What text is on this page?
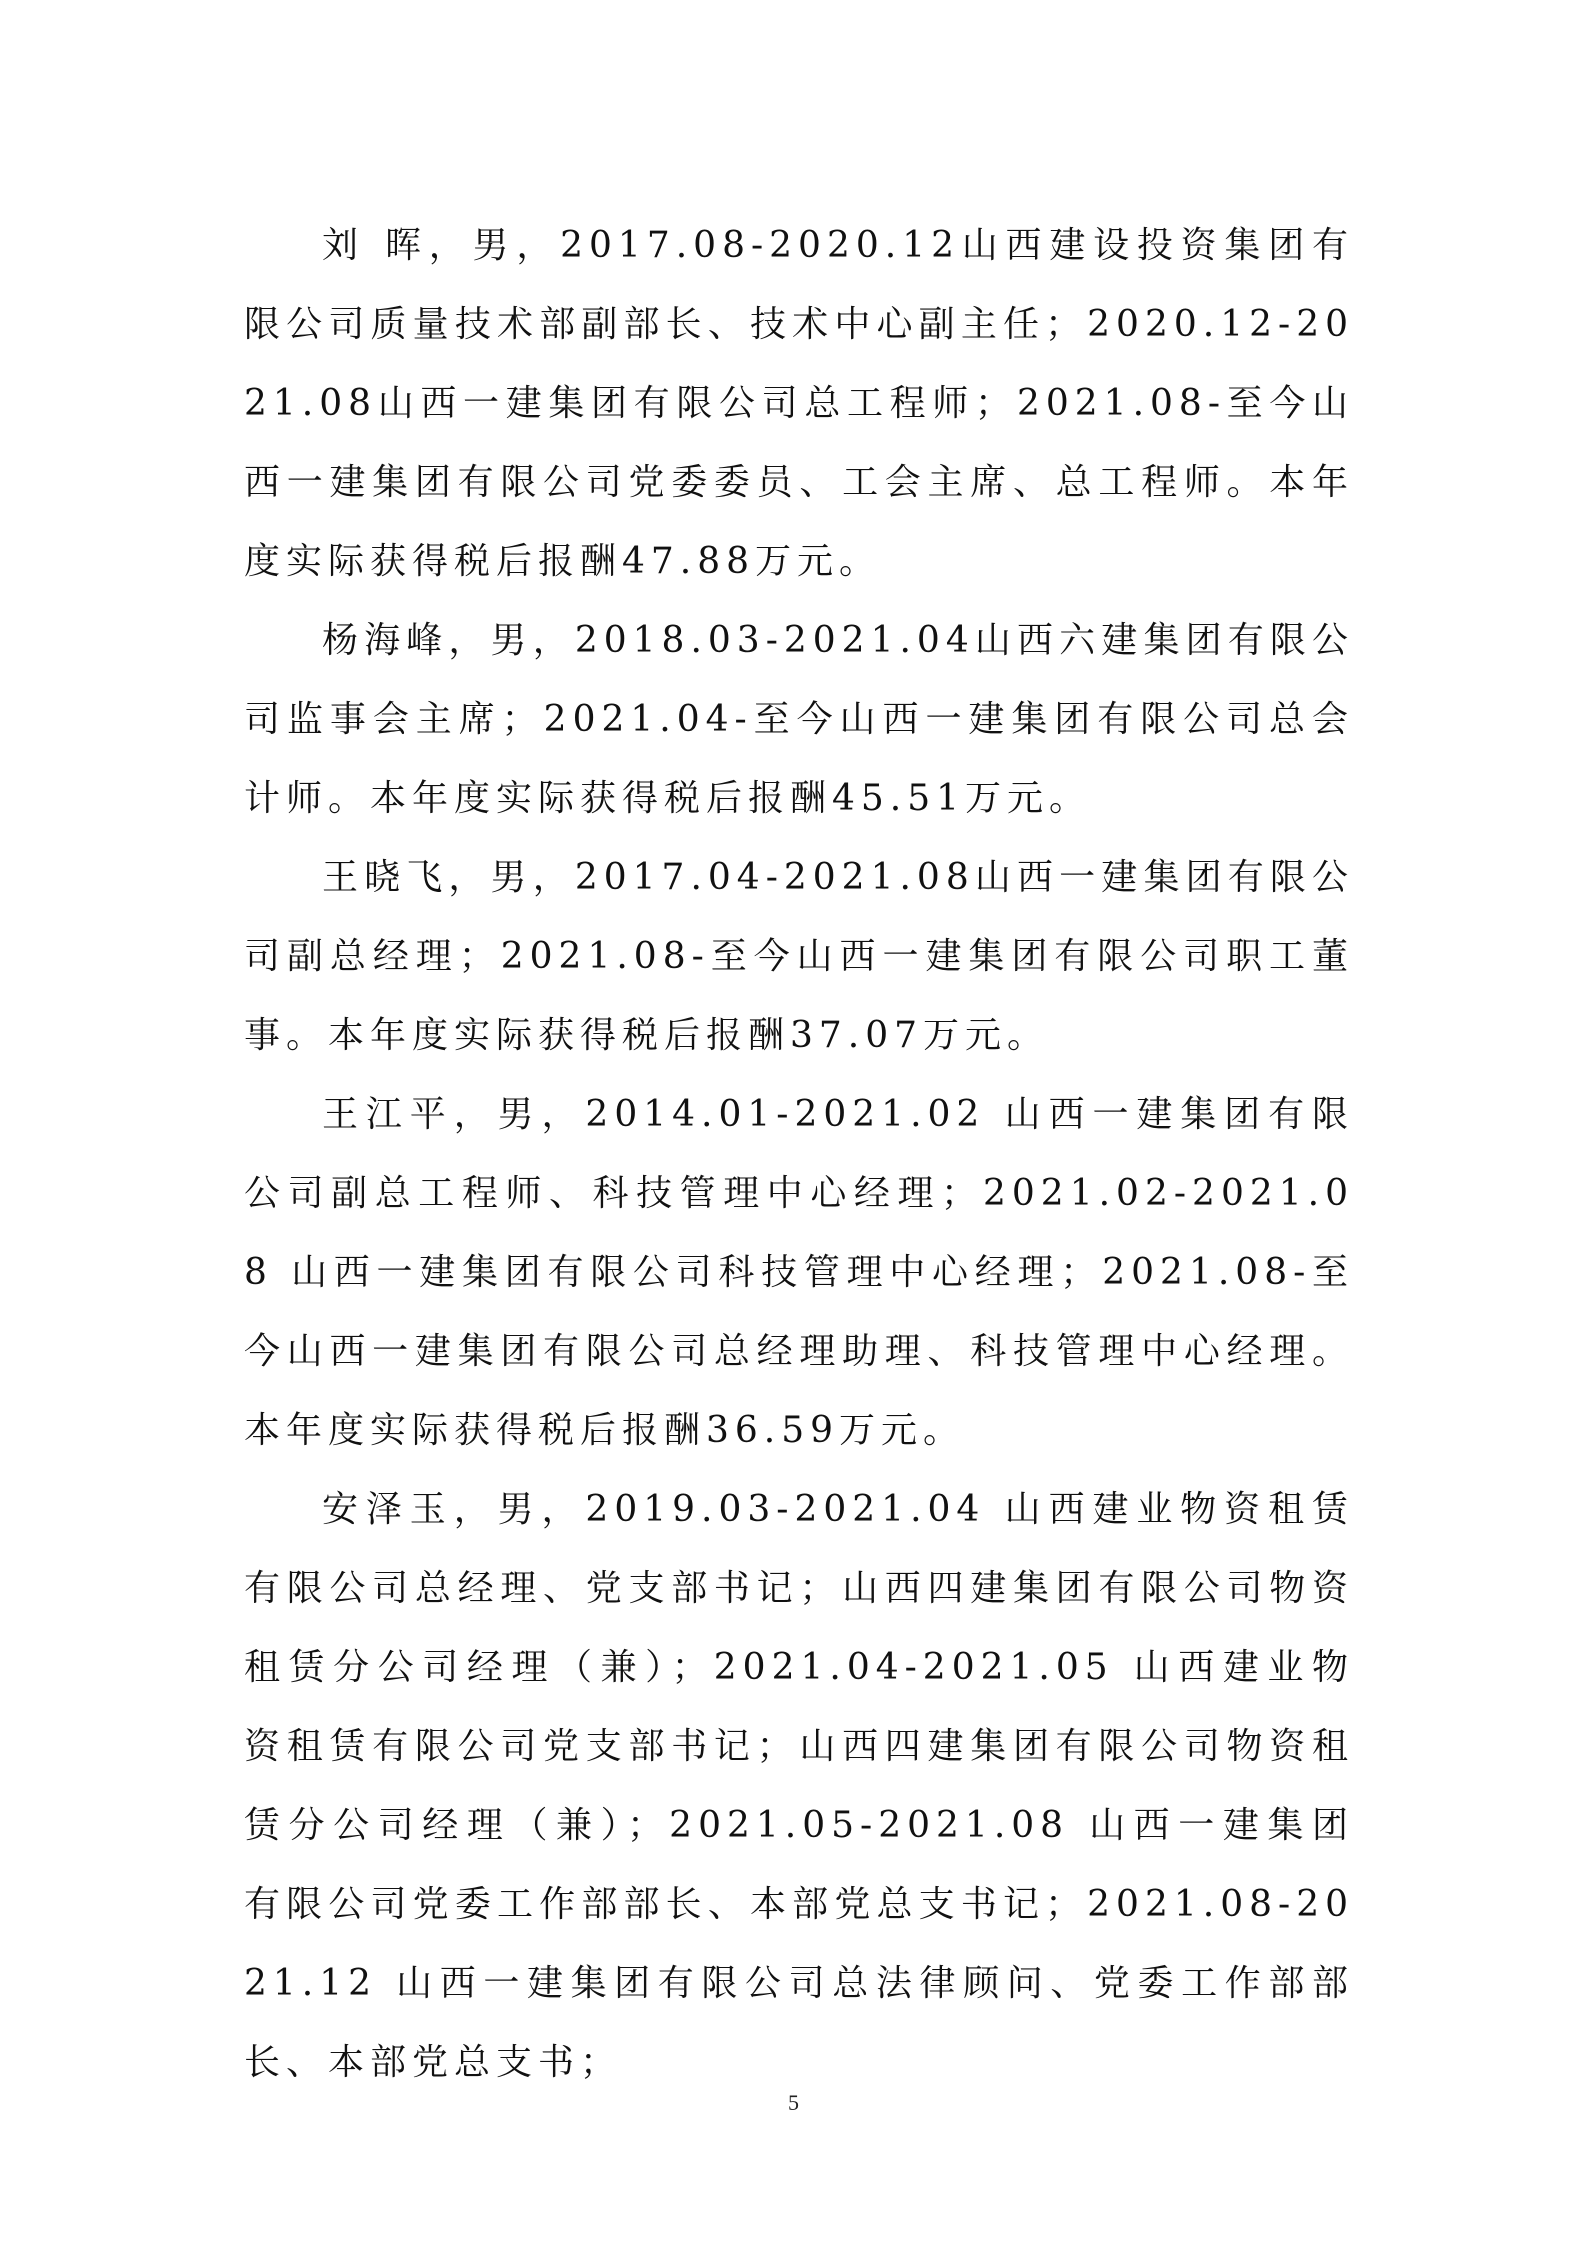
刘 晖，男，2017.08-2020.12山西建设投资集团有限公司质量技术部副部长、技术中心副主任；2020.12-2021.08山西一建集团有限公司总工程师；2021.08-至今山西一建集团有限公司党委委员、工会主席、总工程师。本年度实际获得税后报酬47.88万元。

杨海峰，男，2018.03-2021.04山西六建集团有限公司监事会主席；2021.04-至今山西一建集团有限公司总会计师。本年度实际获得税后报酬45.51万元。

王晓飞，男，2017.04-2021.08山西一建集团有限公司副总经理；2021.08-至今山西一建集团有限公司职工董事。本年度实际获得税后报酬37.07万元。

王江平，男，2014.01-2021.02 山西一建集团有限公司副总工程师、科技管理中心经理；2021.02-2021.08 山西一建集团有限公司科技管理中心经理；2021.08-至今山西一建集团有限公司总经理助理、科技管理中心经理。本年度实际获得税后报酬36.59万元。

安泽玉，男，2019.03-2021.04 山西建业物资租赁有限公司总经理、党支部书记；山西四建集团有限公司物资租赁分公司经理（兼）；2021.04-2021.05 山西建业物资租赁有限公司党支部书记；山西四建集团有限公司物资租赁分公司经理（兼）；2021.05-2021.08 山西一建集团有限公司党委工作部部长、本部党总支书记；2021.08-2021.12 山西一建集团有限公司总法律顾问、党委工作部部长、本部党总支书；

5
